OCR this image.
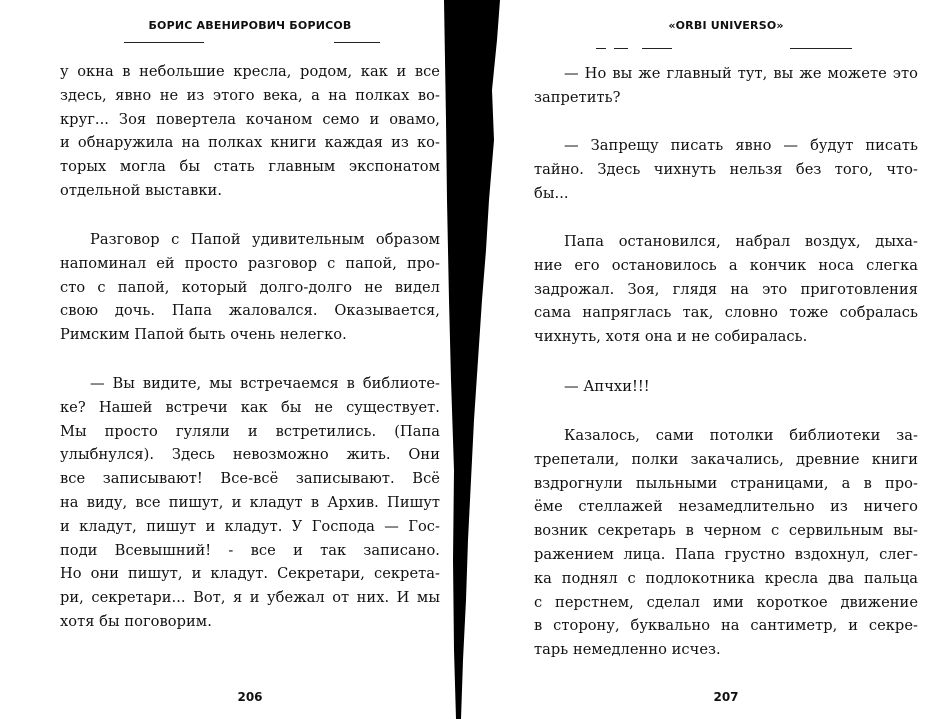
БОРИС АВЕНИРОВИЧ БОРИСОВ

у окна в небольшие кресла, родом, как и все
здесь, явно не из этого века, а на полках во-
круг... Зоя повертела кочаном семо и овамо,
и обнаружила на полках книги каждая из ко-
торых могла бы стать главным экспонатом
отдельной выставки.

Разговор с Папой удивительным образом
напоминал ей просто разговор с папой, про-
сто с папой, который долго-долго не видел
свою дочь. Папа жаловался. Оказывается,
Римским Папой быть очень нелегко.

— Вы видите, мы встречаемся в библиоте-
ке? Нашей встречи как бы не существует.
Мы просто гуляли и встретились. (Папа
улыбнулся). Здесь невозможно жить. Они
все записывают! Все-всё записывают. Всё
на виду, все пишут, и кладут в Архив. Пишут
и кладут, пишут и кладут. У Господа — Гос-
поди Всевышний! - все и так записано.
Но они пишут, и кладут. Секретари, секрета-
ри, секретари... Вот, я и убежал от них. И мы
хотя бы поговорим.

206
«ORBI UNIVERSO»

— Но вы же главный тут, вы же можете это
запретить?

— Запрещу писать явно — будут писать
тайно. Здесь чихнуть нельзя без того, что-
бы...

Папа остановился, набрал воздух, дыха-
ние его остановилось а кончик носа слегка
задрожал. Зоя, глядя на это приготовления
сама напряглась так, словно тоже собралась
чихнуть, хотя она и не собиралась.

— Апчхи!!!

Казалось, сами потолки библиотеки за-
трепетали, полки закачались, древние книги
вздрогнули пыльными страницами, а в про-
ёме стеллажей незамедлительно из ничего
возник секретарь в черном с сервильным вы-
ражением лица. Папа грустно вздохнул, слег-
ка поднял с подлокотника кресла два пальца
с перстнем, сделал ими короткое движение
в сторону, буквально на сантиметр, и секре-
тарь немедленно исчез.

207
